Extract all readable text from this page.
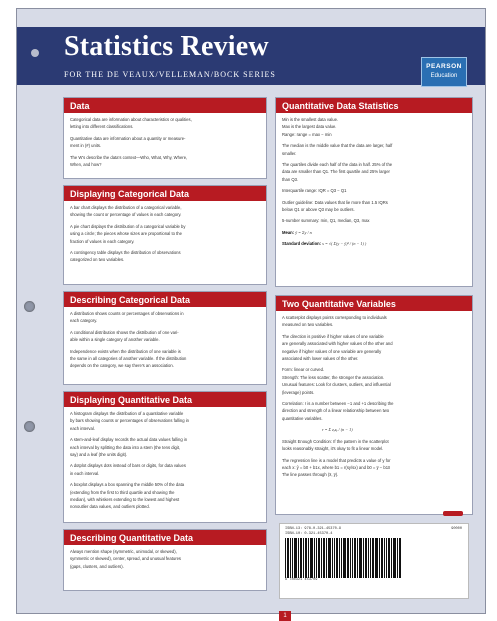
Statistics Review
FOR THE DE VEAUX/VELLEMAN/BOCK SERIES
PEARSON
Education
Data

Categorical data are information about characteristics or qualities,

letting into different classifications.

Quantitative data are information about a quantity or measure-

ment in (#) units.

The W's describe the data's context—Who, What, Why, Where,

When, and how?

Displaying Categorical Data

A bar chart displays the distribution of a categorical variable,

showing the count or percentage of values in each category.

A pie chart displays the distribution of a categorical variable by

using a circle; the pieces whose sizes are proportional to the

fraction of values in each category.

A contingency table displays the distribution of observations

categorized on two variables.

Describing Categorical Data

A distribution shows counts or percentages of observations in

each category.

A conditional distribution shows the distribution of one vari-

able within a single category of another variable.

Independence exists when the distribution of one variable is

the same in all categories of another variable. If the distribution

depends on the category, we say there's an association.

Displaying Quantitative Data

A histogram displays the distribution of a quantitative variable

by bars showing counts or percentages of observations falling in

each interval.

A stem-and-leaf display records the actual data values falling in

each interval by splitting the data into a stem (the tens digit,

say) and a leaf (the units digit).

A dotplot displays dots instead of bars or digits, for data values

in each interval.

A boxplot displays a box spanning the middle 50% of the data

(extending from the first to third quartile and showing the

median), with whiskers extending to the lowest and highest

nonoutlier data values, and outliers plotted.

Describing Quantitative Data

Always mention shape (symmetric, unimodal, or skewed),

symmetric or skewed), center, spread, and unusual features

(gaps, clusters, and outliers).

Quantitative Data Statistics

Min is the smallest data value.

Max is the largest data value.

Range: range = max − min

The median is the middle value that the data are larger, half

smaller.

The quartiles divide each half of the data in half. 25% of the

data are smaller than Q1. The first quartile and 25% larger

than Q3.

Interquartile range: IQR = Q3 − Q1

Outlier guideline: Data values that lie more than 1.5 IQRs

below Q1 or above Q3 may be outliers.

5-number summary: min, Q1, median, Q3, max

Mean: ȳ = Σy / n

Standard deviation: s = √( Σ(y − ȳ)² / (n − 1) )

Two Quantitative Variables

A scatterplot displays points corresponding to individuals

measured on two variables.

The direction is positive if higher values of one variable

are generally associated with higher values of the other and

negative if higher values of one variable are generally

associated with lower values of the other.

Form: linear or curved.

Strength: The less scatter, the stronger the association.

Unusual features: Look for clusters, outliers, and influential

(leverage) points.

Correlation: r is a number between −1 and +1 describing the

direction and strength of a linear relationship between two

quantitative variables.

r = Σ zₓzᵧ / (n − 1)

Straight Enough Condition: If the pattern in the scatterplot

looks reasonably straight, it's okay to fit a linear model.

The regression line is a model that predicts a value of y for

each x: ŷ = b0 + b1x, where b1 = r(sy/sx) and b0 = ȳ − b1x̄

The line passes through (x̄, ȳ).

ISBN-13: 978-0-321-45370-9
ISBN-10: 0-321-45370-4
9 780321 453709
90000
1
